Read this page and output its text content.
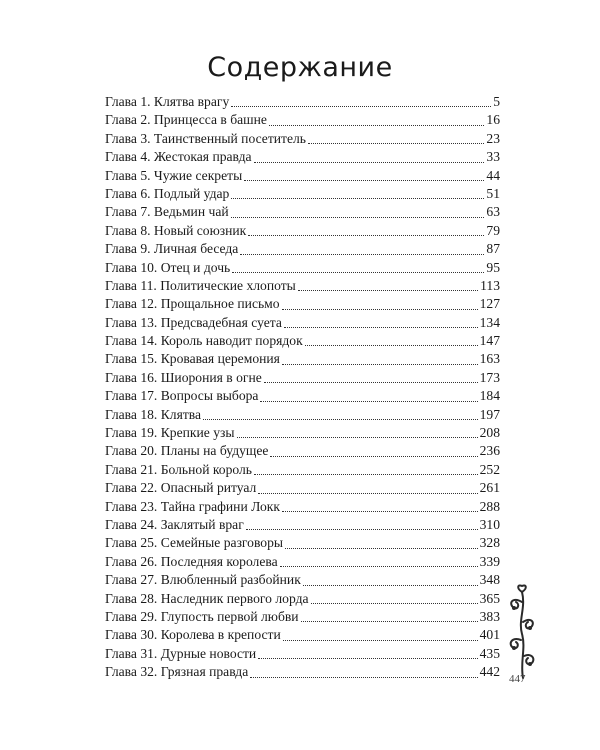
Содержание
Глава 1. Клятва врагу	5
Глава 2. Принцесса в башне	16
Глава 3. Таинственный посетитель	23
Глава 4. Жестокая правда	33
Глава 5. Чужие секреты	44
Глава 6. Подлый удар	51
Глава 7. Ведьмин чай	63
Глава 8. Новый союзник	79
Глава 9. Личная беседа	87
Глава 10. Отец и дочь	95
Глава 11. Политические хлопоты	113
Глава 12. Прощальное письмо	127
Глава 13. Предсвадебная суета	134
Глава 14. Король наводит порядок	147
Глава 15. Кровавая церемония	163
Глава 16. Шиорония в огне	173
Глава 17. Вопросы выбора	184
Глава 18. Клятва	197
Глава 19. Крепкие узы	208
Глава 20. Планы на будущее	236
Глава 21. Больной король	252
Глава 22. Опасный ритуал	261
Глава 23. Тайна графини Локк	288
Глава 24. Заклятый враг	310
Глава 25. Семейные разговоры	328
Глава 26. Последняя королева	339
Глава 27. Влюбленный разбойник	348
Глава 28. Наследник первого лорда	365
Глава 29. Глупость первой любви	383
Глава 30. Королева в крепости	401
Глава 31. Дурные новости	435
Глава 32. Грязная правда	442 447
